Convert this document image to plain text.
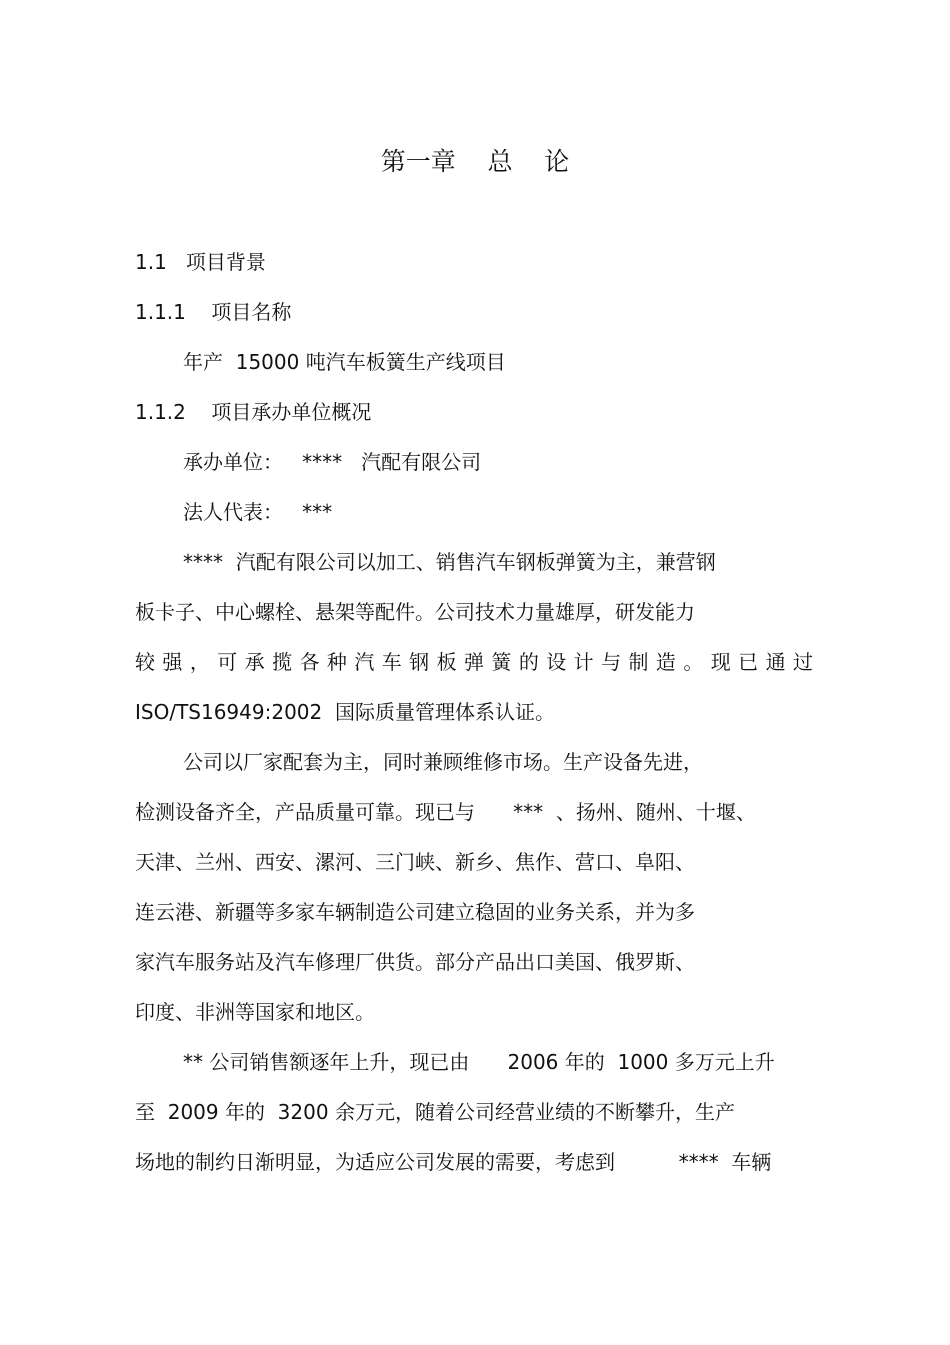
第一章    总    论
1.1   项目背景
1.1.1    项目名称
年产  15000 吨汽车板簧生产线项目
1.1.2    项目承办单位概况
承办单位：   ****   汽配有限公司
法人代表：   ***
****  汽配有限公司以加工、销售汽车钢板弹簧为主，兼营钢
板卡子、中心螺栓、悬架等配件。公司技术力量雄厚，研发能力
较强，可承揽各种汽车钢板弹簧的设计与制造。现已通过
ISO/TS16949:2002  国际质量管理体系认证。
公司以厂家配套为主，同时兼顾维修市场。生产设备先进，
检测设备齐全，产品质量可靠。现已与      ***  、扬州、随州、十堰、
天津、兰州、西安、漯河、三门峡、新乡、焦作、营口、阜阳、
连云港、新疆等多家车辆制造公司建立稳固的业务关系，并为多
家汽车服务站及汽车修理厂供货。部分产品出口美国、俄罗斯、
印度、非洲等国家和地区。
** 公司销售额逐年上升，现已由      2006 年的  1000 多万元上升
至  2009 年的  3200 余万元，随着公司经营业绩的不断攀升，生产
场地的制约日渐明显，为适应公司发展的需要，考虑到          ****  车辆
